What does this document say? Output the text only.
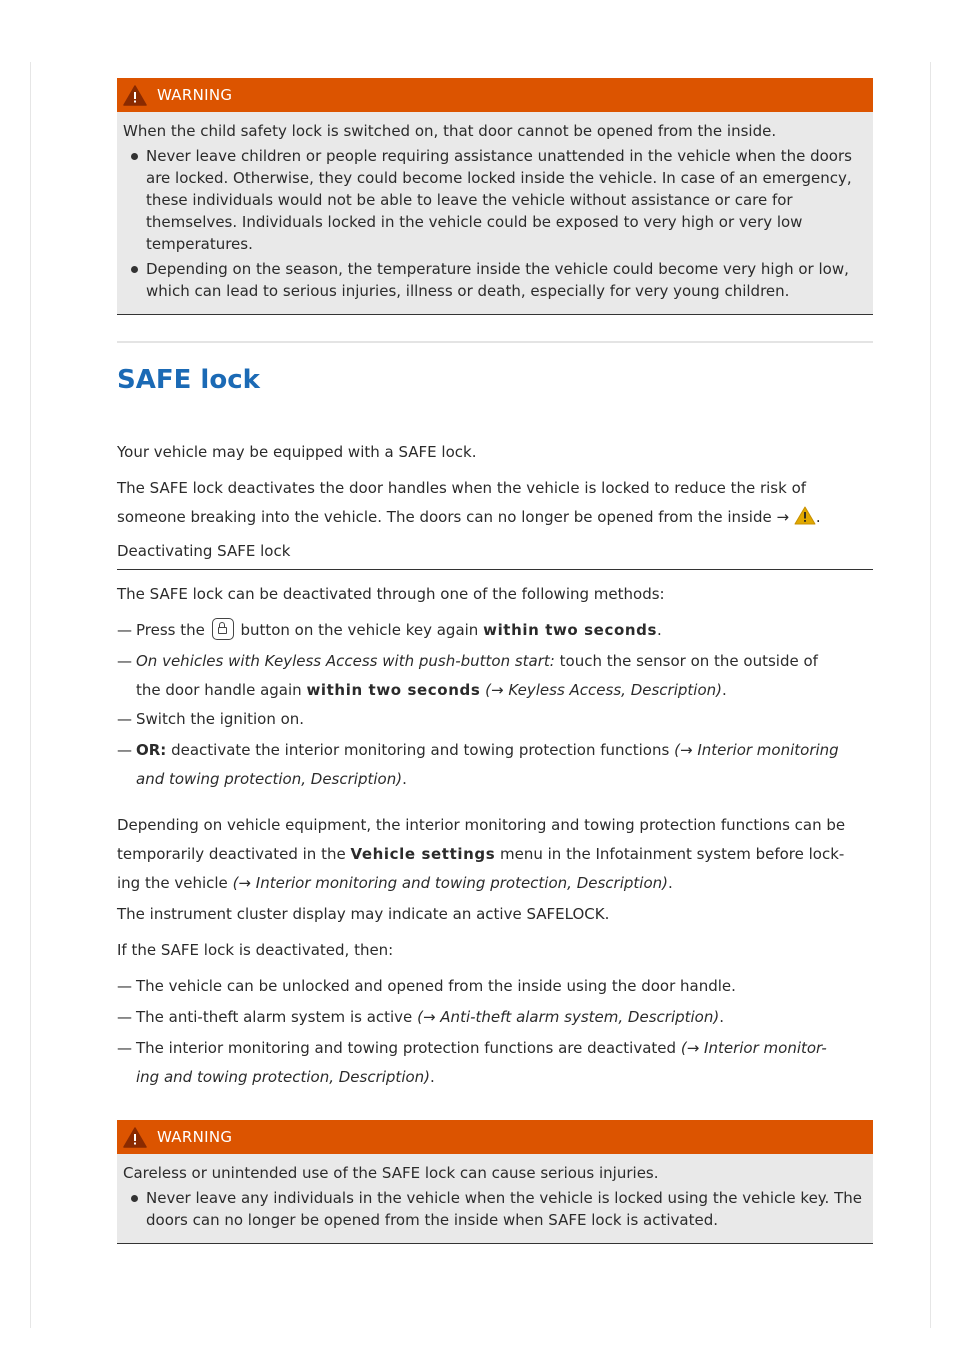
WARNING

When the child safety lock is switched on, that door cannot be opened from the inside.

Never leave children or people requiring assistance unattended in the vehicle when the doors are locked. Otherwise, they could become locked inside the vehicle. In case of an emergency, these individuals would not be able to leave the vehicle without assistance or care for themselves. Individuals locked in the vehicle could be exposed to very high or very low temperatures.
Depending on the season, the temperature inside the vehicle could become very high or low, which can lead to serious injuries, illness or death, especially for very young children.
SAFE lock

Your vehicle may be equipped with a SAFE lock.

The SAFE lock deactivates the door handles when the vehicle is locked to reduce the risk of
someone breaking into the vehicle. The doors can no longer be opened from the inside → .

Deactivating SAFE lock

The SAFE lock can be deactivated through one of the following methods:

— Press the button on the vehicle key again within two seconds.
— On vehicles with Keyless Access with push-button start: touch the sensor on the outside of
the door handle again within two seconds (→ Keyless Access, Description).
— Switch the ignition on.
— OR: deactivate the interior monitoring and towing protection functions (→ Interior monitoring
and towing protection, Description).
Depending on vehicle equipment, the interior monitoring and towing protection functions can be
temporarily deactivated in the Vehicle settings menu in the Infotainment system before lock-
ing the vehicle (→ Interior monitoring and towing protection, Description).

The instrument cluster display may indicate an active SAFELOCK.

If the SAFE lock is deactivated, then:

— The vehicle can be unlocked and opened from the inside using the door handle.
— The anti-theft alarm system is active (→ Anti-theft alarm system, Description).
— The interior monitoring and towing protection functions are deactivated (→ Interior monitor-
ing and towing protection, Description).
WARNING

Careless or unintended use of the SAFE lock can cause serious injuries.

Never leave any individuals in the vehicle when the vehicle is locked using the vehicle key. The doors can no longer be opened from the inside when SAFE lock is activated.
